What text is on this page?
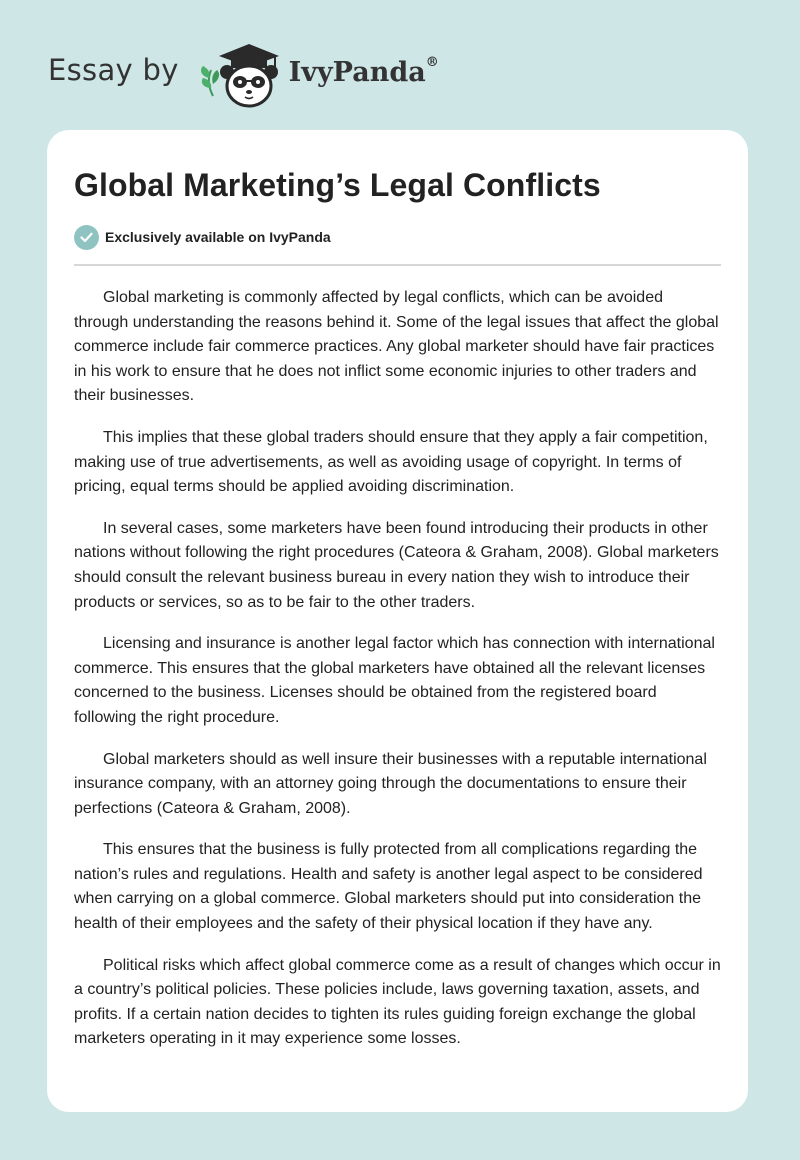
Essay by	IvyPanda®
Global Marketing’s Legal Conflicts
Exclusively available on IvyPanda

Global marketing is commonly affected by legal conflicts, which can be avoided through understanding the reasons behind it. Some of the legal issues that affect the global commerce include fair commerce practices. Any global marketer should have fair practices in his work to ensure that he does not inflict some economic injuries to other traders and their businesses.

This implies that these global traders should ensure that they apply a fair competition, making use of true advertisements, as well as avoiding usage of copyright. In terms of pricing, equal terms should be applied avoiding discrimination.

In several cases, some marketers have been found introducing their products in other nations without following the right procedures (Cateora & Graham, 2008). Global marketers should consult the relevant business bureau in every nation they wish to introduce their products or services, so as to be fair to the other traders.

Licensing and insurance is another legal factor which has connection with international commerce. This ensures that the global marketers have obtained all the relevant licenses concerned to the business. Licenses should be obtained from the registered board following the right procedure.

Global marketers should as well insure their businesses with a reputable international insurance company, with an attorney going through the documentations to ensure their perfections (Cateora & Graham, 2008).

This ensures that the business is fully protected from all complications regarding the nation’s rules and regulations. Health and safety is another legal aspect to be considered when carrying on a global commerce. Global marketers should put into consideration the health of their employees and the safety of their physical location if they have any.

Political risks which affect global commerce come as a result of changes which occur in a country’s political policies. These policies include, laws governing taxation, assets, and profits. If a certain nation decides to tighten its rules guiding foreign exchange the global marketers operating in it may experience some losses.
